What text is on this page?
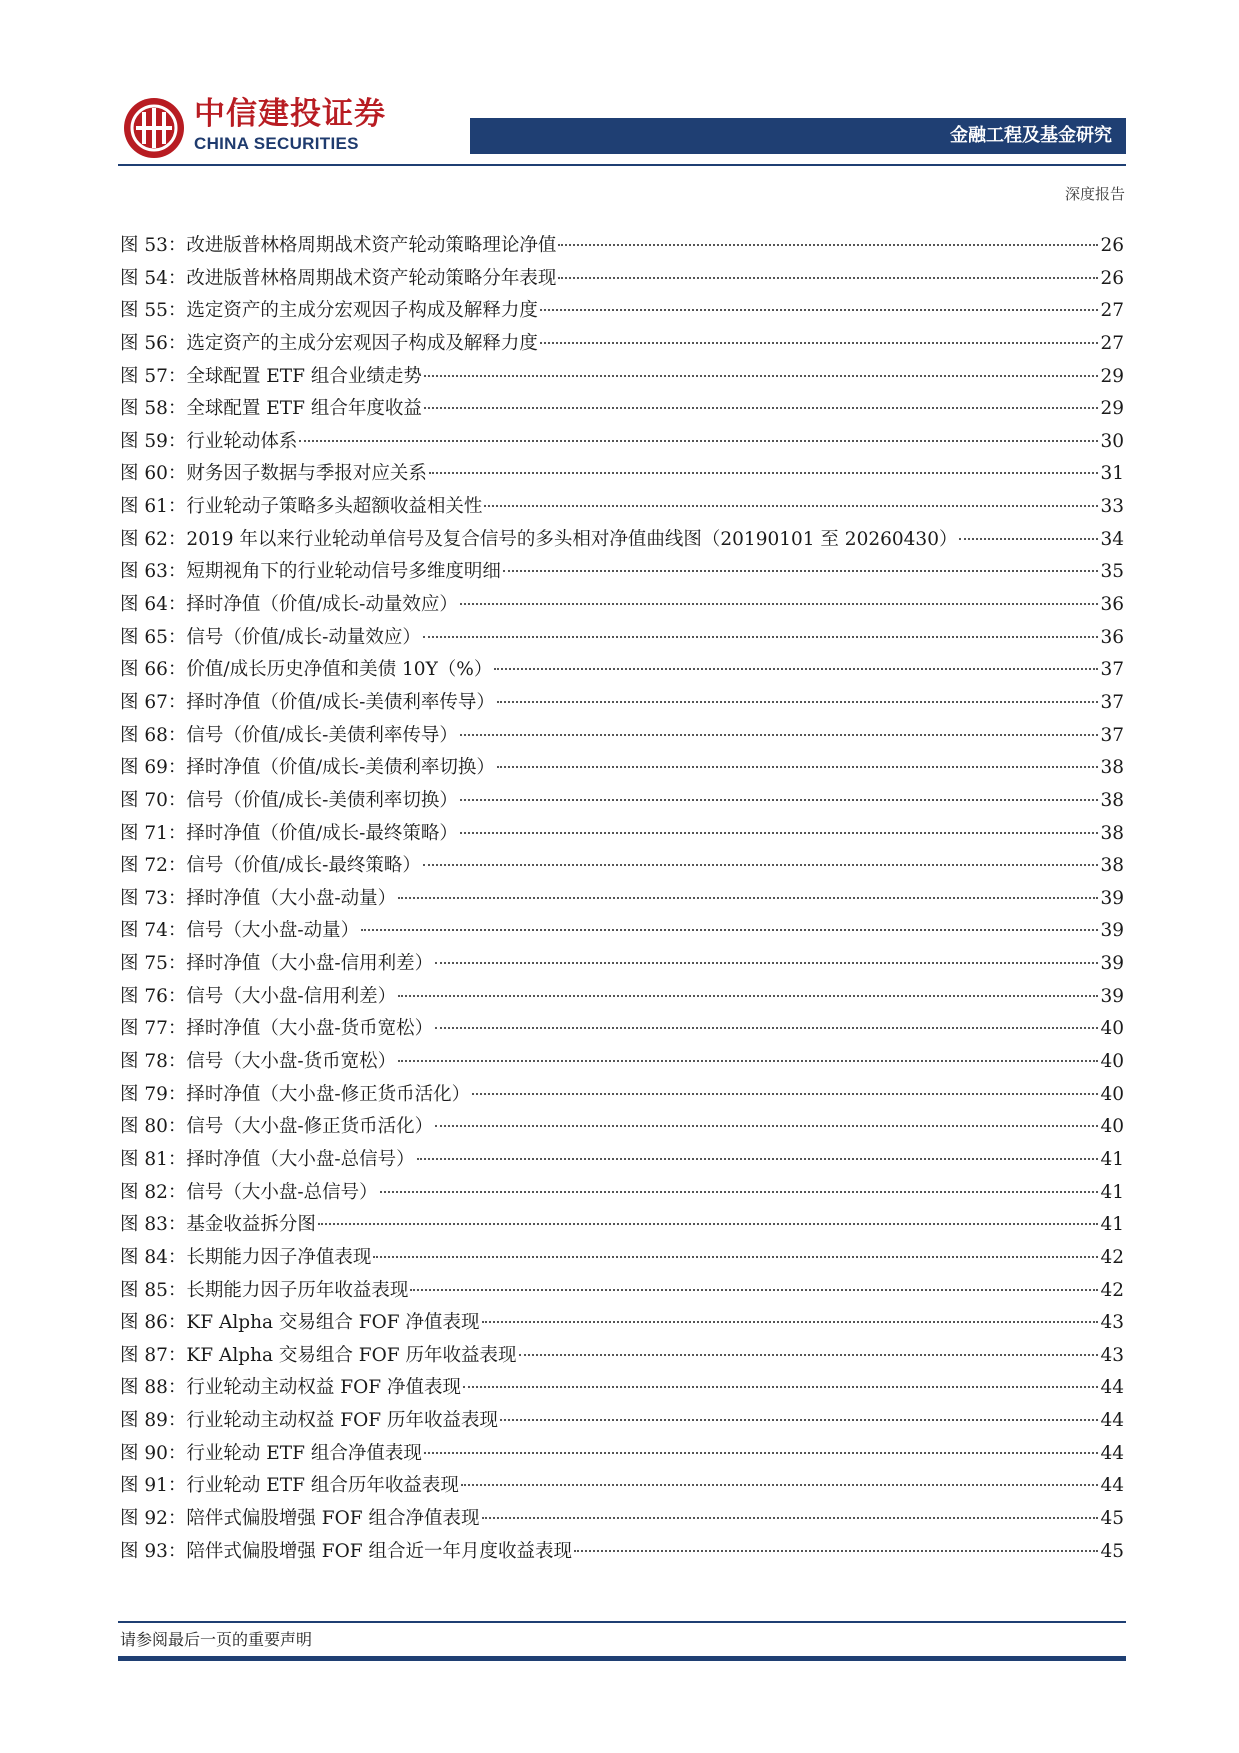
中信建投证券
CHINA SECURITIES	金融工程及基金研究
深度报告
图 53： 改进版普林格周期战术资产轮动策略理论净值	26
图 54： 改进版普林格周期战术资产轮动策略分年表现	26
图 55： 选定资产的主成分宏观因子构成及解释力度	27
图 56： 选定资产的主成分宏观因子构成及解释力度	27
图 57： 全球配置 ETF 组合业绩走势	29
图 58： 全球配置 ETF 组合年度收益	29
图 59： 行业轮动体系	30
图 60： 财务因子数据与季报对应关系	31
图 61： 行业轮动子策略多头超额收益相关性	33
图 62： 2019 年以来行业轮动单信号及复合信号的多头相对净值曲线图（20190101 至 20260430）	34
图 63： 短期视角下的行业轮动信号多维度明细	35
图 64： 择时净值（价值/成长-动量效应）	36
图 65： 信号（价值/成长-动量效应）	36
图 66： 价值/成长历史净值和美债 10Y（%）	37
图 67： 择时净值（价值/成长-美债利率传导）	37
图 68： 信号（价值/成长-美债利率传导）	37
图 69： 择时净值（价值/成长-美债利率切换）	38
图 70： 信号（价值/成长-美债利率切换）	38
图 71： 择时净值（价值/成长-最终策略）	38
图 72： 信号（价值/成长-最终策略）	38
图 73： 择时净值（大小盘-动量）	39
图 74： 信号（大小盘-动量）	39
图 75： 择时净值（大小盘-信用利差）	39
图 76： 信号（大小盘-信用利差）	39
图 77： 择时净值（大小盘-货币宽松）	40
图 78： 信号（大小盘-货币宽松）	40
图 79： 择时净值（大小盘-修正货币活化）	40
图 80： 信号（大小盘-修正货币活化）	40
图 81： 择时净值（大小盘-总信号）	41
图 82： 信号（大小盘-总信号）	41
图 83： 基金收益拆分图	41
图 84： 长期能力因子净值表现	42
图 85： 长期能力因子历年收益表现	42
图 86： KF Alpha 交易组合 FOF 净值表现	43
图 87： KF Alpha 交易组合 FOF 历年收益表现	43
图 88： 行业轮动主动权益 FOF 净值表现	44
图 89： 行业轮动主动权益 FOF 历年收益表现	44
图 90： 行业轮动 ETF 组合净值表现	44
图 91： 行业轮动 ETF 组合历年收益表现	44
图 92： 陪伴式偏股增强 FOF 组合净值表现	45
图 93： 陪伴式偏股增强 FOF 组合近一年月度收益表现	45
请参阅最后一页的重要声明
